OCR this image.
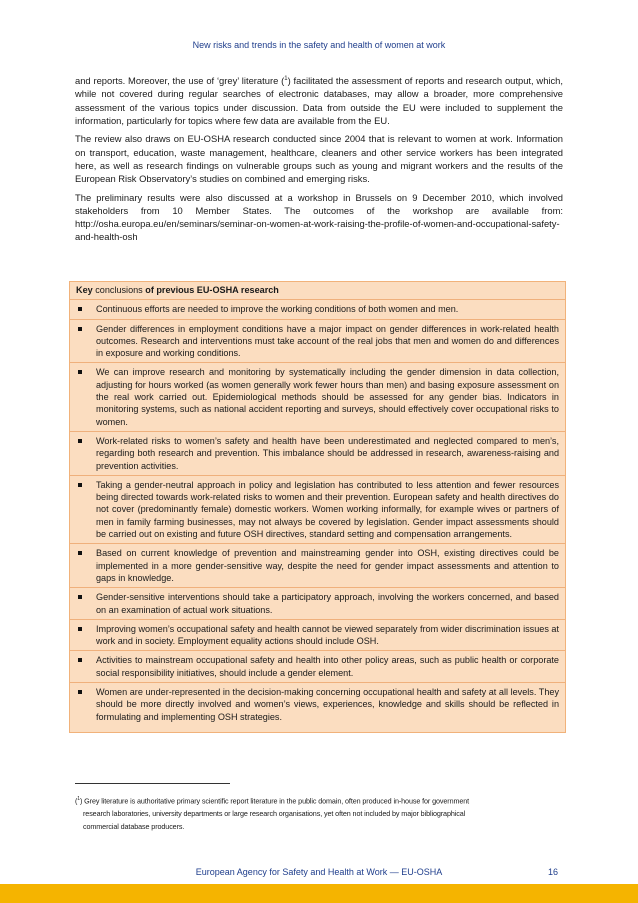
New risks and trends in the safety and health of women at work

and reports. Moreover, the use of ‘grey’ literature ($^1$) facilitated the assessment of reports and research output, which, while not covered during regular searches of electronic databases, may allow a broader, more comprehensive assessment of the various topics under discussion. Data from outside the EU were included to supplement the information, particularly for topics where few data are available from the EU.

The review also draws on EU-OSHA research conducted since 2004 that is relevant to women at work. Information on transport, education, waste management, healthcare, cleaners and other service workers has been integrated here, as well as research findings on vulnerable groups such as young and migrant workers and the results of the European Risk Observatory’s studies on combined and emerging risks.

The preliminary results were also discussed at a workshop in Brussels on 9 December 2010, which involved stakeholders from 10 Member States. The outcomes of the workshop are available from: http://osha.europa.eu/en/seminars/seminar-on-women-at-work-raising-the-profile-of-women-and-occupational-safety-and-health-osh

Key conclusions of previous EU-OSHA research
Continuous efforts are needed to improve the working conditions of both women and men.
Gender differences in employment conditions have a major impact on gender differences in work-related health outcomes. Research and interventions must take account of the real jobs that men and women do and differences in exposure and working conditions.
We can improve research and monitoring by systematically including the gender dimension in data collection, adjusting for hours worked (as women generally work fewer hours than men) and basing exposure assessment on the real work carried out. Epidemiological methods should be assessed for any gender bias. Indicators in monitoring systems, such as national accident reporting and surveys, should effectively cover occupational risks to women.
Work-related risks to women’s safety and health have been underestimated and neglected compared to men’s, regarding both research and prevention. This imbalance should be addressed in research, awareness-raising and prevention activities.
Taking a gender-neutral approach in policy and legislation has contributed to less attention and fewer resources being directed towards work-related risks to women and their prevention. European safety and health directives do not cover (predominantly female) domestic workers. Women working informally, for example wives or partners of men in family farming businesses, may not always be covered by legislation. Gender impact assessments should be carried out on existing and future OSH directives, standard setting and compensation arrangements.
Based on current knowledge of prevention and mainstreaming gender into OSH, existing directives could be implemented in a more gender-sensitive way, despite the need for gender impact assessments and attention to gaps in knowledge.
Gender-sensitive interventions should take a participatory approach, involving the workers concerned, and based on an examination of actual work situations.
Improving women’s occupational safety and health cannot be viewed separately from wider discrimination issues at work and in society. Employment equality actions should include OSH.
Activities to mainstream occupational safety and health into other policy areas, such as public health or corporate social responsibility initiatives, should include a gender element.
Women are under-represented in the decision-making concerning occupational health and safety at all levels. They should be more directly involved and women’s views, experiences, knowledge and skills should be reflected in formulating and implementing OSH strategies.
($^1$) Grey literature is authoritative primary scientific report literature in the public domain, often produced in-house for government
research laboratories, university departments or large research organisations, yet often not included by major bibliographical
commercial database producers.
European Agency for Safety and Health at Work — EU-OSHA	16
